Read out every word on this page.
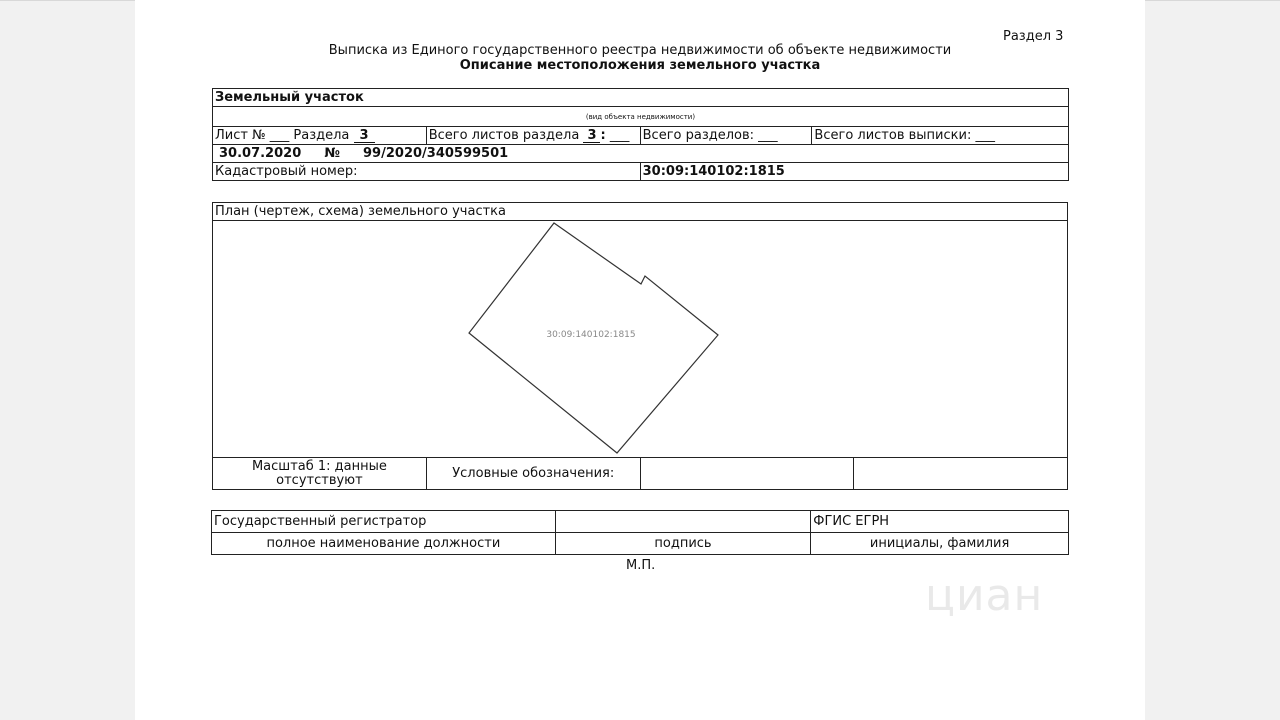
Раздел 3
Выписка из Единого государственного реестра недвижимости об объекте недвижимости
Описание местоположения земельного участка
Земельный участок			
(вид объекта недвижимости)			
Лист № ___ Раздела 3	Всего листов раздела 3 : ___	Всего разделов: ___	Всего листов выписки: ___
30.07.2020 № 99/2020/340599501			
Кадастровый номер:		30:09:140102:1815	
План (чертеж, схема) земельного участка

30:09:140102:1815

Масштаб 1: данные отсутствуют	Условные обозначения:		
Государственный регистратор		ФГИС ЕГРН
полное наименование должности	подпись	инициалы, фамилия
М.П.
циан
